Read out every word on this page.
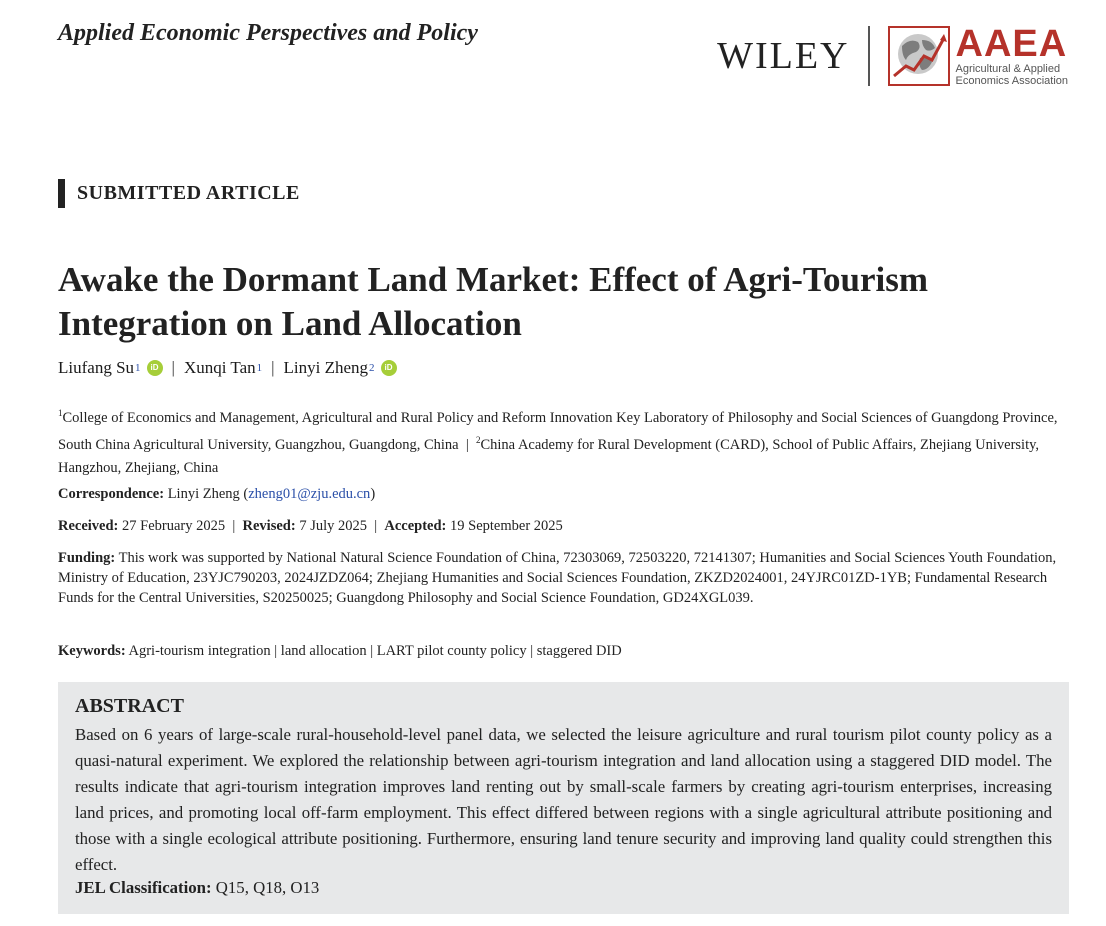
Applied Economic Perspectives and Policy
WILEY	AAEA
Agricultural & Applied
Economics Association
SUBMITTED ARTICLE
Awake the Dormant Land Market: Effect of Agri-Tourism
Integration on Land Allocation
Liufang Su 1	iD | Xunqi Tan 1 | Linyi Zheng 2	iD
$^1$College of Economics and Management, Agricultural and Rural Policy and Reform Innovation Key Laboratory of Philosophy and Social Sciences of Guangdong Province, South China Agricultural University, Guangzhou, Guangdong, China | $^2$China Academy for Rural Development (CARD), School of Public Affairs, Zhejiang University, Hangzhou, Zhejiang, China
Correspondence: Linyi Zheng (zheng01@zju.edu.cn)
Received: 27 February 2025 | Revised: 7 July 2025 | Accepted: 19 September 2025
Funding: This work was supported by National Natural Science Foundation of China, 72303069, 72503220, 72141307; Humanities and Social Sciences Youth Foundation, Ministry of Education, 23YJC790203, 2024JZDZ064; Zhejiang Humanities and Social Sciences Foundation, ZKZD2024001, 24YJRC01ZD-1YB; Fundamental Research Funds for the Central Universities, S20250025; Guangdong Philosophy and Social Science Foundation, GD24XGL039.
Keywords: Agri-tourism integration | land allocation | LART pilot county policy | staggered DID
ABSTRACT
Based on 6 years of large-scale rural-household-level panel data, we selected the leisure agriculture and rural tourism pilot county policy as a quasi-natural experiment. We explored the relationship between agri-tourism integration and land allocation using a staggered DID model. The results indicate that agri-tourism integration improves land renting out by small-scale farmers by creating agri-tourism enterprises, increasing land prices, and promoting local off-farm employment. This effect differed between regions with a single agricultural attribute positioning and those with a single ecological attribute positioning. Furthermore, ensuring land tenure security and improving land quality could strengthen this effect.
JEL Classification: Q15, Q18, O13
